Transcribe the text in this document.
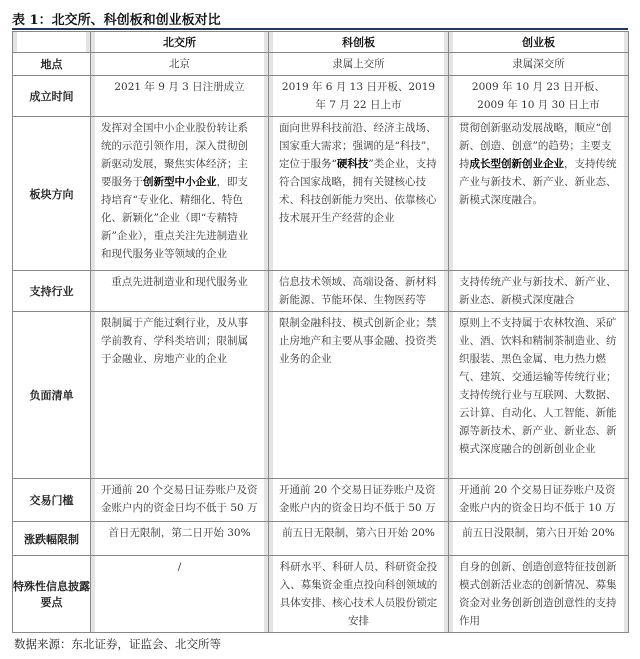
表 1：北交所、科创板和创业板对比

	北交所	科创板	创业板

地点	北京	隶属上交所	隶属深交所

成立时间	2021 年 9 月 3 日注册成立	2019 年 6 月 13 日开板、2019 年 7 月 22 日上市	2009 年 10 月 23 日开板、2009 年 10 月 30 日上市

板块方向	发挥对全国中小企业股份转让系统的示范引领作用，深入贯彻创新驱动发展，聚焦实体经济；主要服务于创新型中小企业，即支持培育“专业化、精细化、特色化、新颖化”企业（即“专精特新”企业），重点关注先进制造业和现代服务业等领域的企业	面向世界科技前沿、经济主战场、国家重大需求；强调的是“科技”，定位于服务“硬科技”类企业，支持符合国家战略，拥有关键核心技术、科技创新能力突出、依靠核心技术展开生产经营的企业	贯彻创新驱动发展战略，顺应“创新、创造、创意”的趋势；主要支持成长型创新创业企业，支持传统产业与新技术、新产业、新业态、新模式深度融合。

支持行业	重点先进制造业和现代服务业	信息技术领域、高端设备、新材料新能源、节能环保、生物医药等	支持传统产业与新技术、新产业、新业态、新模式深度融合

负面清单	限制属于产能过剩行业，及从事学前教育、学科类培训；限制属于金融业、房地产业的企业	限制金融科技、模式创新企业；禁止房地产和主要从事金融、投资类业务的企业	原则上不支持属于农林牧渔、采矿业、酒、饮料和精制茶制造业、纺织服装、黑色金属、电力热力燃气、建筑、交通运输等传统行业；支持传统行业与互联网、大数据、云计算、自动化、人工智能、新能源等新技术、新产业、新业态、新模式深度融合的创新创业企业

交易门槛	开通前 20 个交易日证券账户及资金账户内的资金日均不低于 50 万	开通前 20 个交易日证券账户及资金账户内的资金日均不低于 50 万	开通前 20 个交易日证券账户及资金账户内的资金日均不低于 10 万

涨跌幅限制	首日无限制，第二日开始 30%	前五日无限制，第六日开始 20%	前五日没限制，第六日开始 20%

特殊性信息披露要点	/	科研水平、科研人员、科研资金投入、募集资金重点投向科创领域的具体安排、核心技术人员股份锁定安排	自身的创新、创造创意特征技创新模式创新活业态的创新情况、募集资金对业务创新创造创意性的支持作用
数据来源：东北证券，证监会、北交所等
